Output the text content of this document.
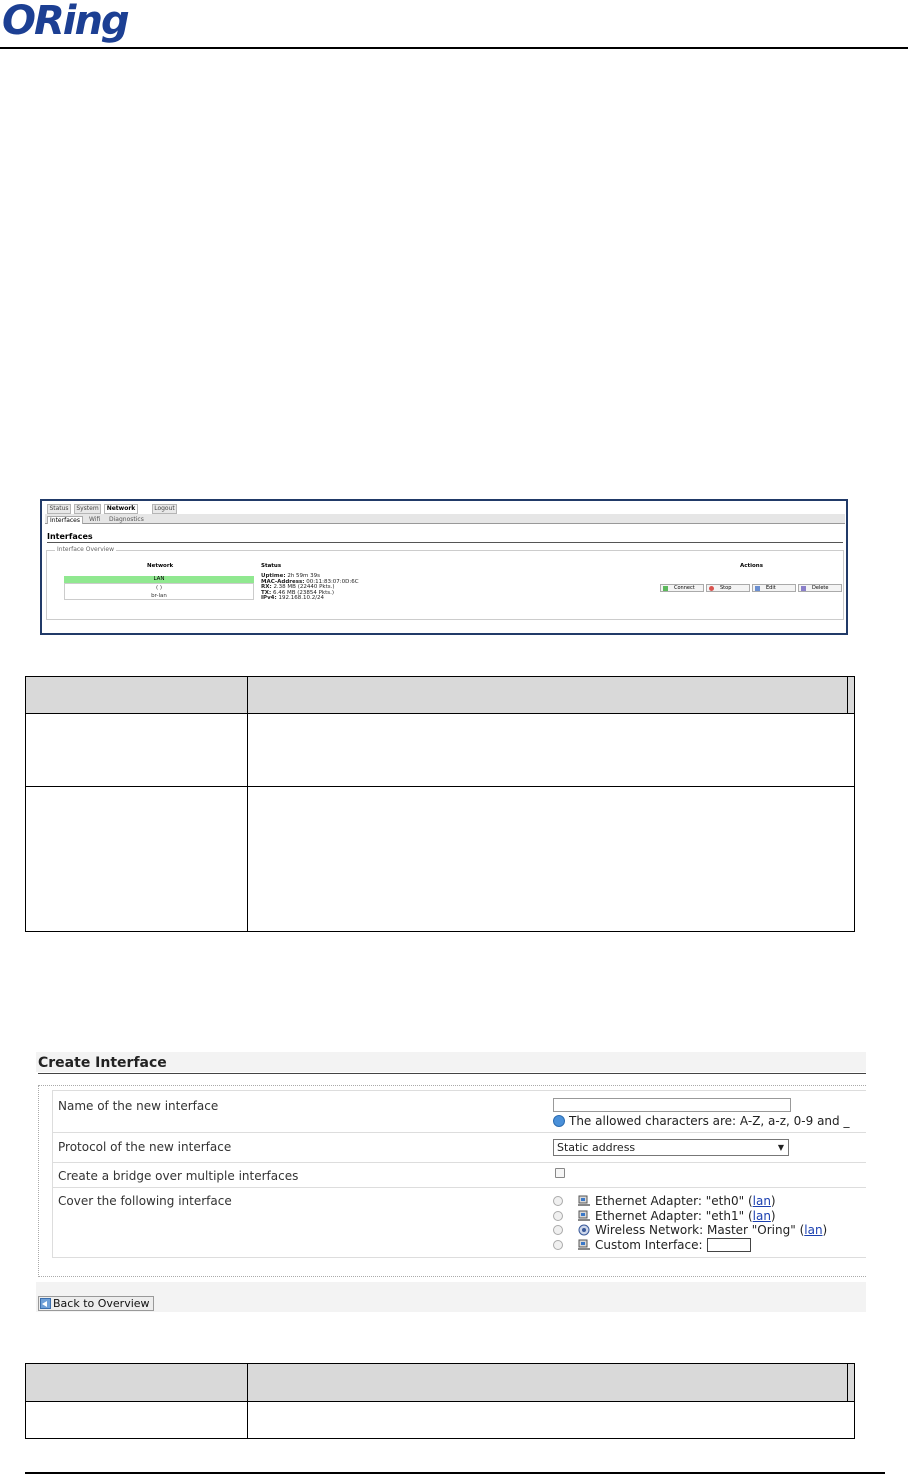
ORing
Status	System	Network	Logout
Interfaces	Wifi	Diagnostics
Interfaces
Interface Overview
Network	Status	Actions
LAN
( )
br-lan
Uptime: 2h 59m 39s
MAC-Address: 00:11:83:07:0D:6C
RX: 2.38 MB (22440 Pkts.)
TX: 6.46 MB (23854 Pkts.)
IPv4: 192.168.10.2/24
Connect	Stop	Edit	Delete
Create Interface
Name of the new interface
The allowed characters are: A-Z, a-z, 0-9 and _
Protocol of the new interface	Static address	▼
Create a bridge over multiple interfaces
Cover the following interface	Ethernet Adapter: "eth0" ( lan )
Ethernet Adapter: "eth1" ( lan )
Wireless Network: Master "Oring" ( lan )
Custom Interface:
Back to Overview
